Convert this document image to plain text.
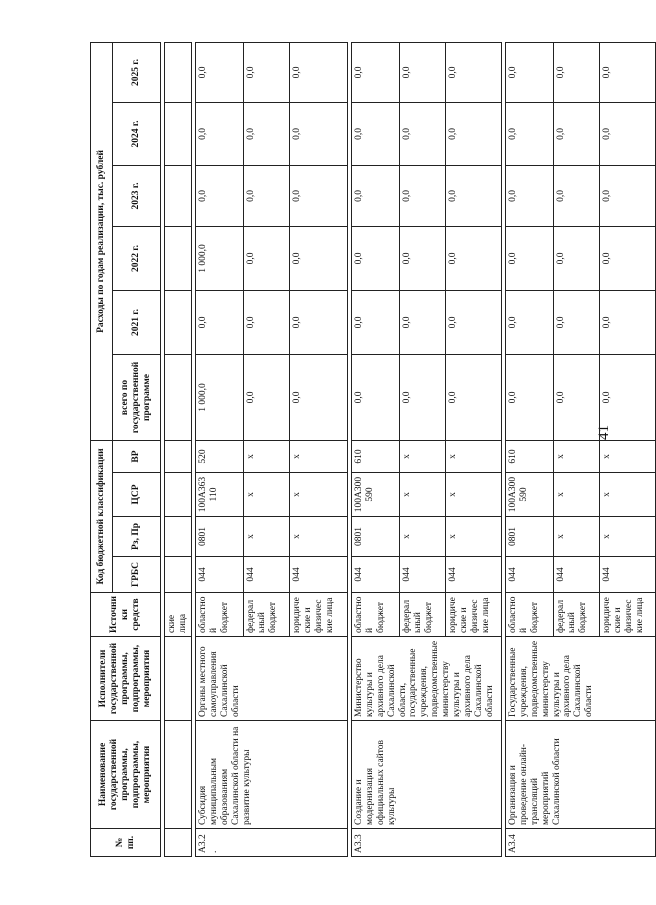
41
№ пп.	Наименование государственной программы, подпрограммы, мероприятия	Исполнители государственной программы, подпрограммы, мероприятия	Источники средств	Код бюджетной классификации				Расходы по годам реализации, тыс. рублей					
				ГРБС	Рз, Пр	ЦСР	ВР	всего по государственной программе	2021 г.	2022 г.	2023 г.	2024 г.	2025 г.

			ские лица										

А3.2.	Субсидия муниципальным образованиям Сахалинской области на развитие культуры	Органы местного самоуправления Сахалинской области	областной бюджет	044	0801	100А363 110	520	1 000,0	0,0	1 000,0	0,0	0,0	0,0
			федеральный бюджет	044	х	х	х	0,0	0,0	0,0	0,0	0,0	0,0
			юридические и физические лица	044	х	х	х	0,0	0,0	0,0	0,0	0,0	0,0

А3.3	Создание и модернизация официальных сайтов культуры	Министерство культуры и архивного дела Сахалинской области, государственные учреждения, подведомственные министерству культуры и архивного дела Сахалинской области	областной бюджет	044	0801	100А300 590	610	0,0	0,0	0,0	0,0	0,0	0,0
			федеральный бюджет	044	х	х	х	0,0	0,0	0,0	0,0	0,0	0,0
			юридические и физические лица	044	х	х	х	0,0	0,0	0,0	0,0	0,0	0,0

А3.4	Организация и проведение онлайн-трансляций мероприятий Сахалинской области	Государственные учреждения, подведомственные министерству культуры и архивного дела Сахалинской области	областной бюджет	044	0801	100А300 590	610	0,0	0,0	0,0	0,0	0,0	0,0
			федеральный бюджет	044	х	х	х	0,0	0,0	0,0	0,0	0,0	0,0
			юридические и физические лица	044	х	х	х	0,0	0,0	0,0	0,0	0,0	0,0
